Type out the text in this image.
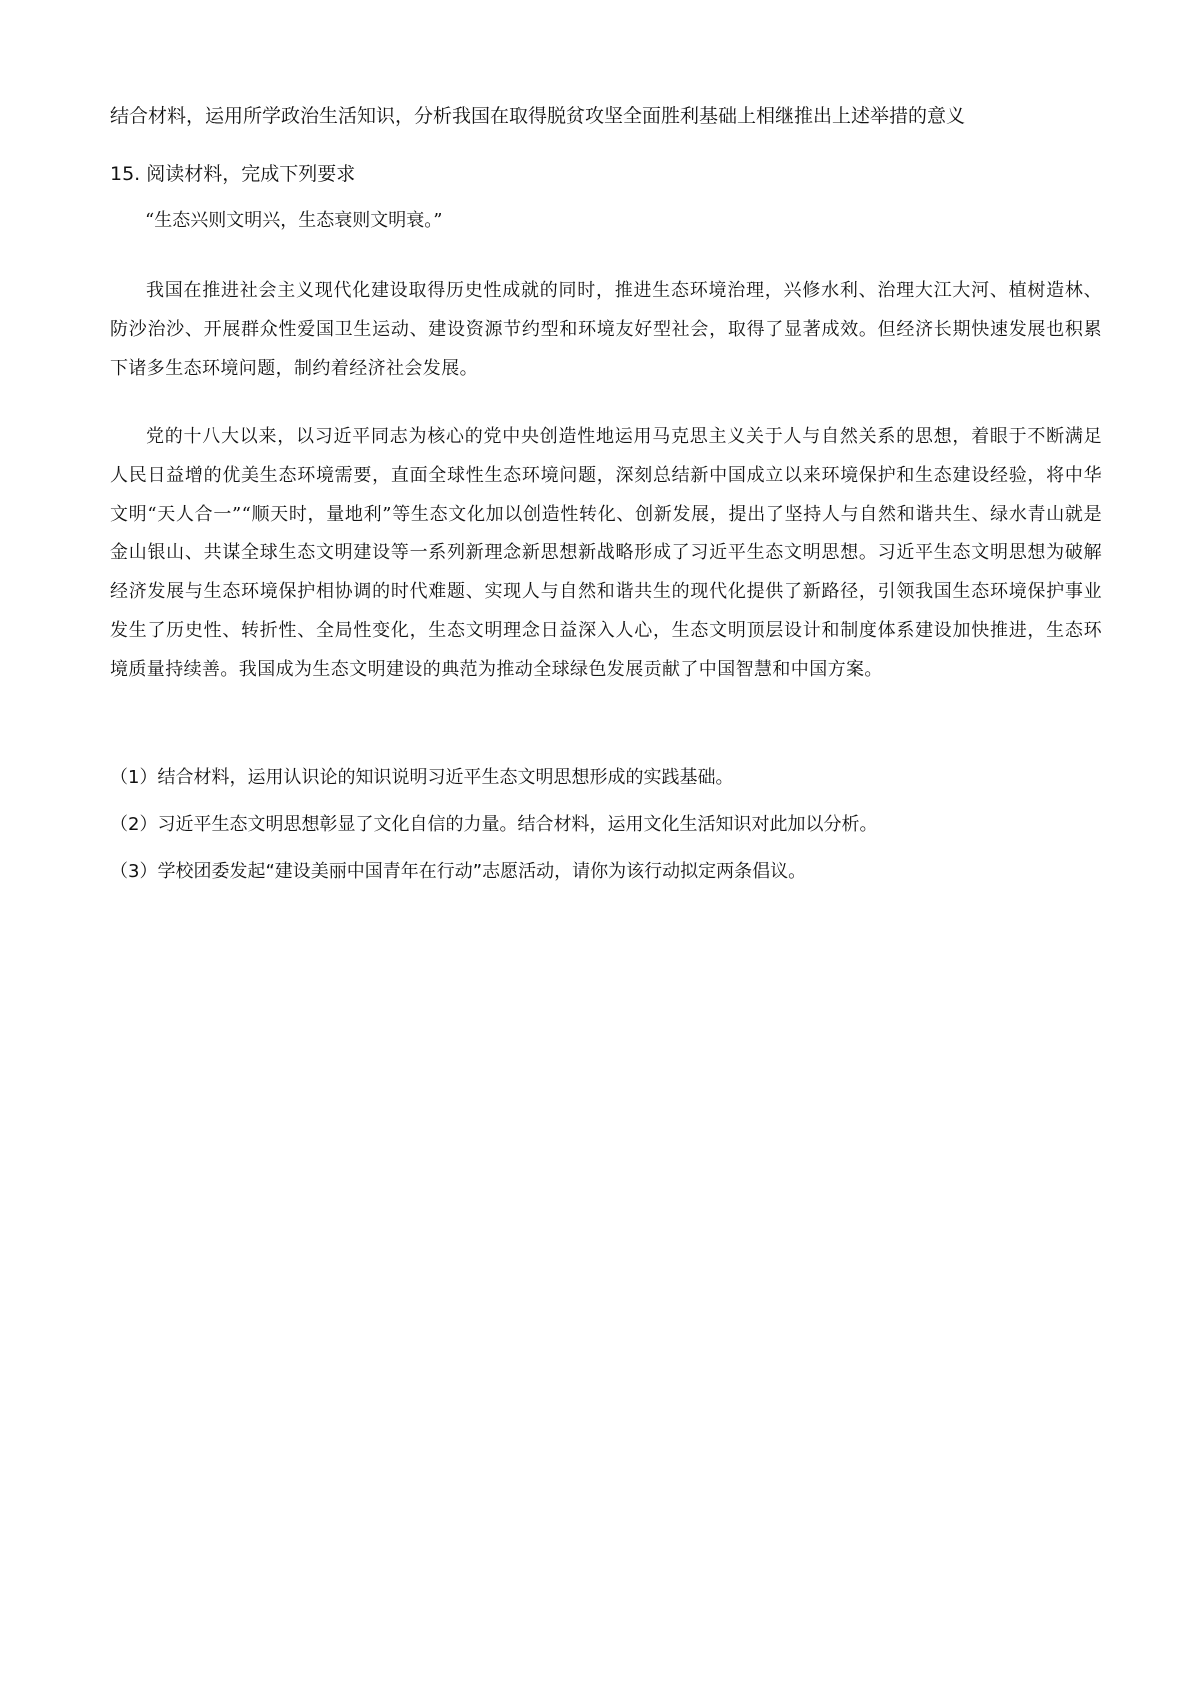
结合材料，运用所学政治生活知识，分析我国在取得脱贫攻坚全面胜利基础上相继推出上述举措的意义
15. 阅读材料，完成下列要求
“生态兴则文明兴，生态衰则文明衰。”

我国在推进社会主义现代化建设取得历史性成就的同时，推进生态环境治理，兴修水利、治理大江大河、植树造林、防沙治沙、开展群众性爱国卫生运动、建设资源节约型和环境友好型社会，取得了显著成效。但经济长期快速发展也积累下诸多生态环境问题，制约着经济社会发展。

党的十八大以来，以习近平同志为核心的党中央创造性地运用马克思主义关于人与自然关系的思想，着眼于不断满足人民日益增的优美生态环境需要，直面全球性生态环境问题，深刻总结新中国成立以来环境保护和生态建设经验，将中华文明“天人合一”“顺天时，量地利”等生态文化加以创造性转化、创新发展，提出了坚持人与自然和谐共生、绿水青山就是金山银山、共谋全球生态文明建设等一系列新理念新思想新战略形成了习近平生态文明思想。习近平生态文明思想为破解经济发展与生态环境保护相协调的时代难题、实现人与自然和谐共生的现代化提供了新路径，引领我国生态环境保护事业发生了历史性、转折性、全局性变化，生态文明理念日益深入人心，生态文明顶层设计和制度体系建设加快推进，生态环境质量持续善。我国成为生态文明建设的典范为推动全球绿色发展贡献了中国智慧和中国方案。

（1）结合材料，运用认识论的知识说明习近平生态文明思想形成的实践基础。
（2）习近平生态文明思想彰显了文化自信的力量。结合材料，运用文化生活知识对此加以分析。
（3）学校团委发起“建设美丽中国青年在行动”志愿活动，请你为该行动拟定两条倡议。
